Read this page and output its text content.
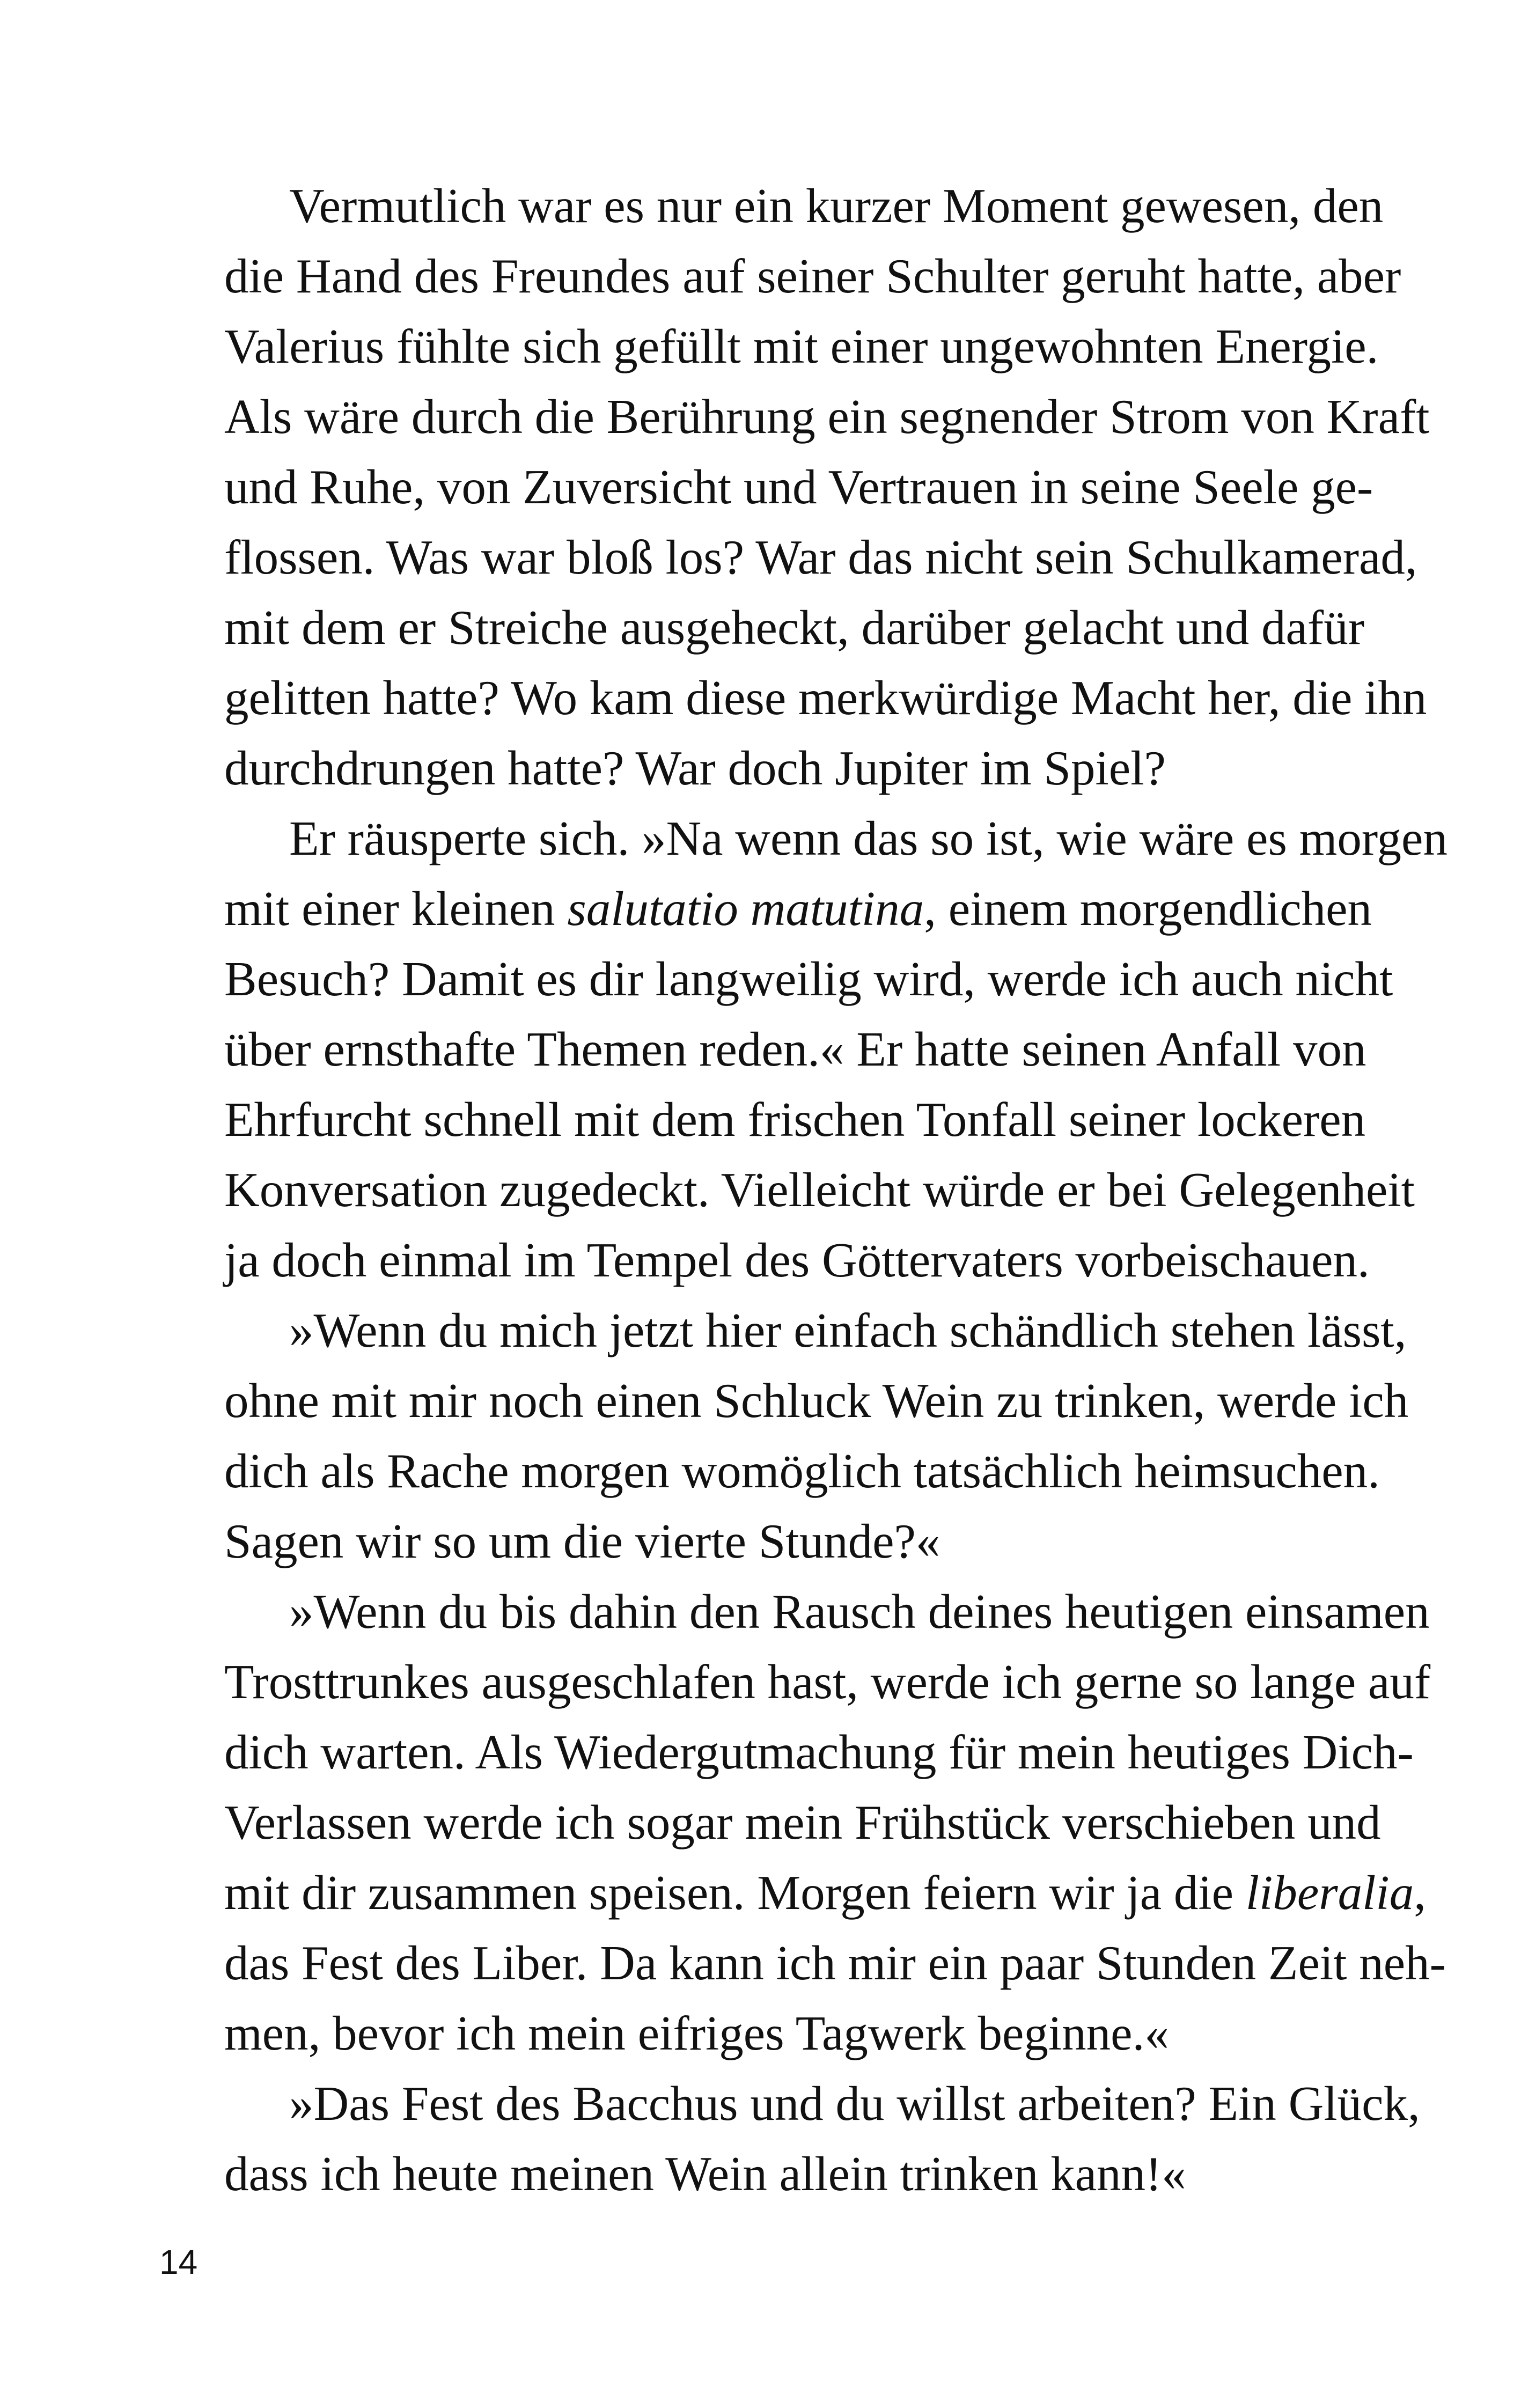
Vermutlich war es nur ein kurzer Moment gewesen, den
die Hand des Freundes auf seiner Schulter geruht hatte, aber
Valerius fühlte sich gefüllt mit einer ungewohnten Energie.
Als wäre durch die Berührung ein segnender Strom von Kraft
und Ruhe, von Zuversicht und Vertrauen in seine Seele ge-
flossen. Was war bloß los? War das nicht sein Schulkamerad,
mit dem er Streiche ausgeheckt, darüber gelacht und dafür
gelitten hatte? Wo kam diese merkwürdige Macht her, die ihn
durchdrungen hatte? War doch Jupiter im Spiel?

Er räusperte sich. »Na wenn das so ist, wie wäre es morgen
mit einer kleinen salutatio matutina, einem morgendlichen
Besuch? Damit es dir langweilig wird, werde ich auch nicht
über ernsthafte Themen reden.« Er hatte seinen Anfall von
Ehrfurcht schnell mit dem frischen Tonfall seiner lockeren
Konversation zugedeckt. Vielleicht würde er bei Gelegenheit
ja doch einmal im Tempel des Göttervaters vorbeischauen.

»Wenn du mich jetzt hier einfach schändlich stehen lässt,
ohne mit mir noch einen Schluck Wein zu trinken, werde ich
dich als Rache morgen womöglich tatsächlich heimsuchen.
Sagen wir so um die vierte Stunde?«

»Wenn du bis dahin den Rausch deines heutigen einsamen
Trosttrunkes ausgeschlafen hast, werde ich gerne so lange auf
dich warten. Als Wiedergutmachung für mein heutiges Dich-
Verlassen werde ich sogar mein Frühstück verschieben und
mit dir zusammen speisen. Morgen feiern wir ja die liberalia,
das Fest des Liber. Da kann ich mir ein paar Stunden Zeit neh-
men, bevor ich mein eifriges Tagwerk beginne.«

»Das Fest des Bacchus und du willst arbeiten? Ein Glück,
dass ich heute meinen Wein allein trinken kann!«

14
